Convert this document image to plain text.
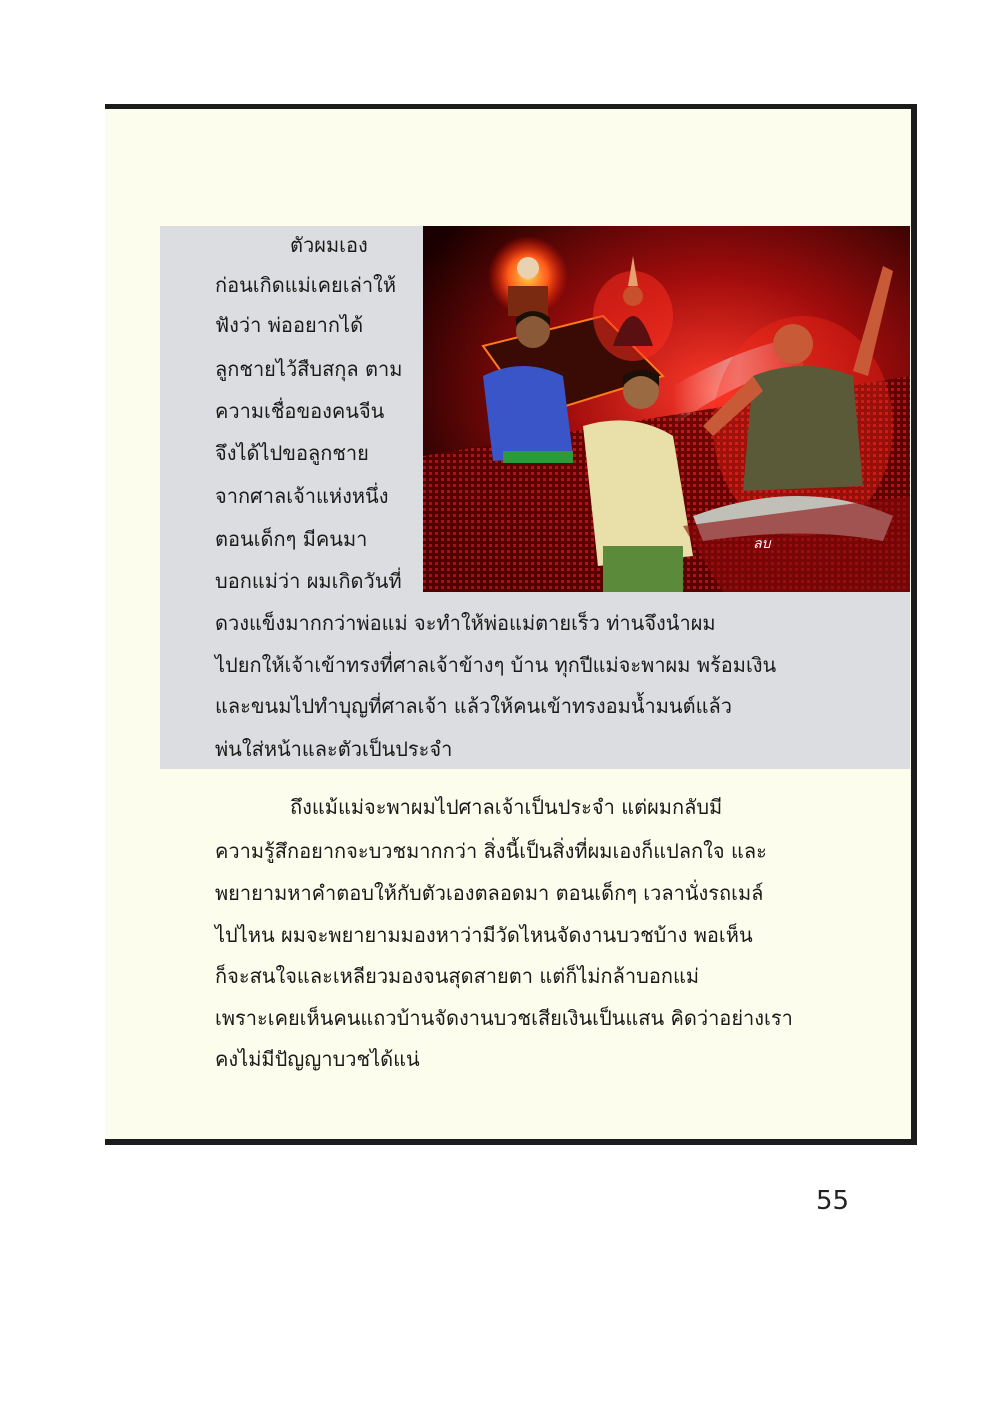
ลบ
ตัวผมเอง
ก่อนเกิดแม่เคยเล่าให้
ฟังว่า พ่ออยากได้
ลูกชายไว้สืบสกุล ตาม
ความเชื่อของคนจีน
จึงได้ไปขอลูกชาย
จากศาลเจ้าแห่งหนึ่ง
ตอนเด็กๆ มีคนมา
บอกแม่ว่า ผมเกิดวันที่
ดวงแข็งมากกว่าพ่อแม่ จะทำให้พ่อแม่ตายเร็ว ท่านจึงนำผม
ไปยกให้เจ้าเข้าทรงที่ศาลเจ้าข้างๆ บ้าน ทุกปีแม่จะพาผม พร้อมเงิน
และขนมไปทำบุญที่ศาลเจ้า แล้วให้คนเข้าทรงอมน้ำมนต์แล้ว
พ่นใส่หน้าและตัวเป็นประจำ
ถึงแม้แม่จะพาผมไปศาลเจ้าเป็นประจำ แต่ผมกลับมี
ความรู้สึกอยากจะบวชมากกว่า สิ่งนี้เป็นสิ่งที่ผมเองก็แปลกใจ และ
พยายามหาคำตอบให้กับตัวเองตลอดมา ตอนเด็กๆ เวลานั่งรถเมล์
ไปไหน ผมจะพยายามมองหาว่ามีวัดไหนจัดงานบวชบ้าง พอเห็น
ก็จะสนใจและเหลียวมองจนสุดสายตา แต่ก็ไม่กล้าบอกแม่
เพราะเคยเห็นคนแถวบ้านจัดงานบวชเสียเงินเป็นแสน คิดว่าอย่างเรา
คงไม่มีปัญญาบวชได้แน่
55
